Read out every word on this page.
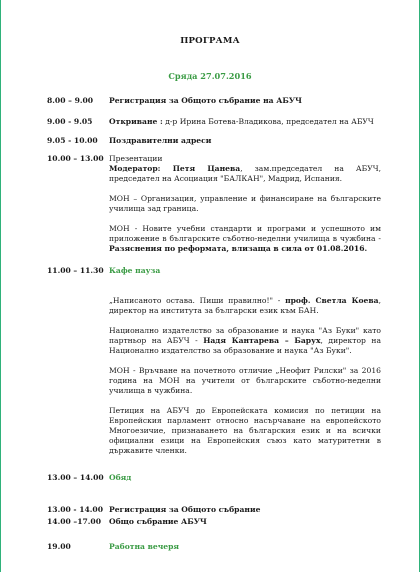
ПРОГРАМА
Сряда 27.07.2016
8.00 – 9.00	Регистрация за Общото събрание на АБУЧ
9.00 - 9.05	Откриване : д-р Ирина Ботева-Владикова, председател на АБУЧ
9.05 - 10.00	Поздравителни адреси
10.00 – 13.00 Презентации

Модератор: Петя Цанева, зам.председател на АБУЧ, председател на Асоциация "БАЛКАН", Мадрид, Испания.

МОН – Организация, управление и финансиране на българските училища зад граница.

МОН - Новите учебни стандарти и програми и успешното им приложение в българските съботно-неделни училища в чужбина - Разяснения по реформата, влизаща в сила от 01.08.2016.

11.00 – 11.30 Кафе пауза

„Написаното остава. Пиши правилно!" - проф. Светла Коева, директор на института за български език към БАН.

Национално издателство за образование и наука "Аз Буки" като партньор на АБУЧ - Надя Кантарева – Барух, директор на Национално издателство за образование и наука "Аз Буки".

МОН - Връчване на почетното отличие „Неофит Рилски" за 2016 година на МОН на учители от българските съботно-неделни училища в чужбина.

Петиция на АБУЧ до Европейската комисия по петиции на Европейския парламент относно насърчаване на европейското Многоезичие, признаването на българския език и на всички официални езици на Европейския съюз като матуритетни в държавите членки.

13.00 – 14.00 Обяд
13.00 - 14.00 Регистрация за Общото събрание
14.00 –17.00	Общо събрание АБУЧ
19.00	Работна вечеря
